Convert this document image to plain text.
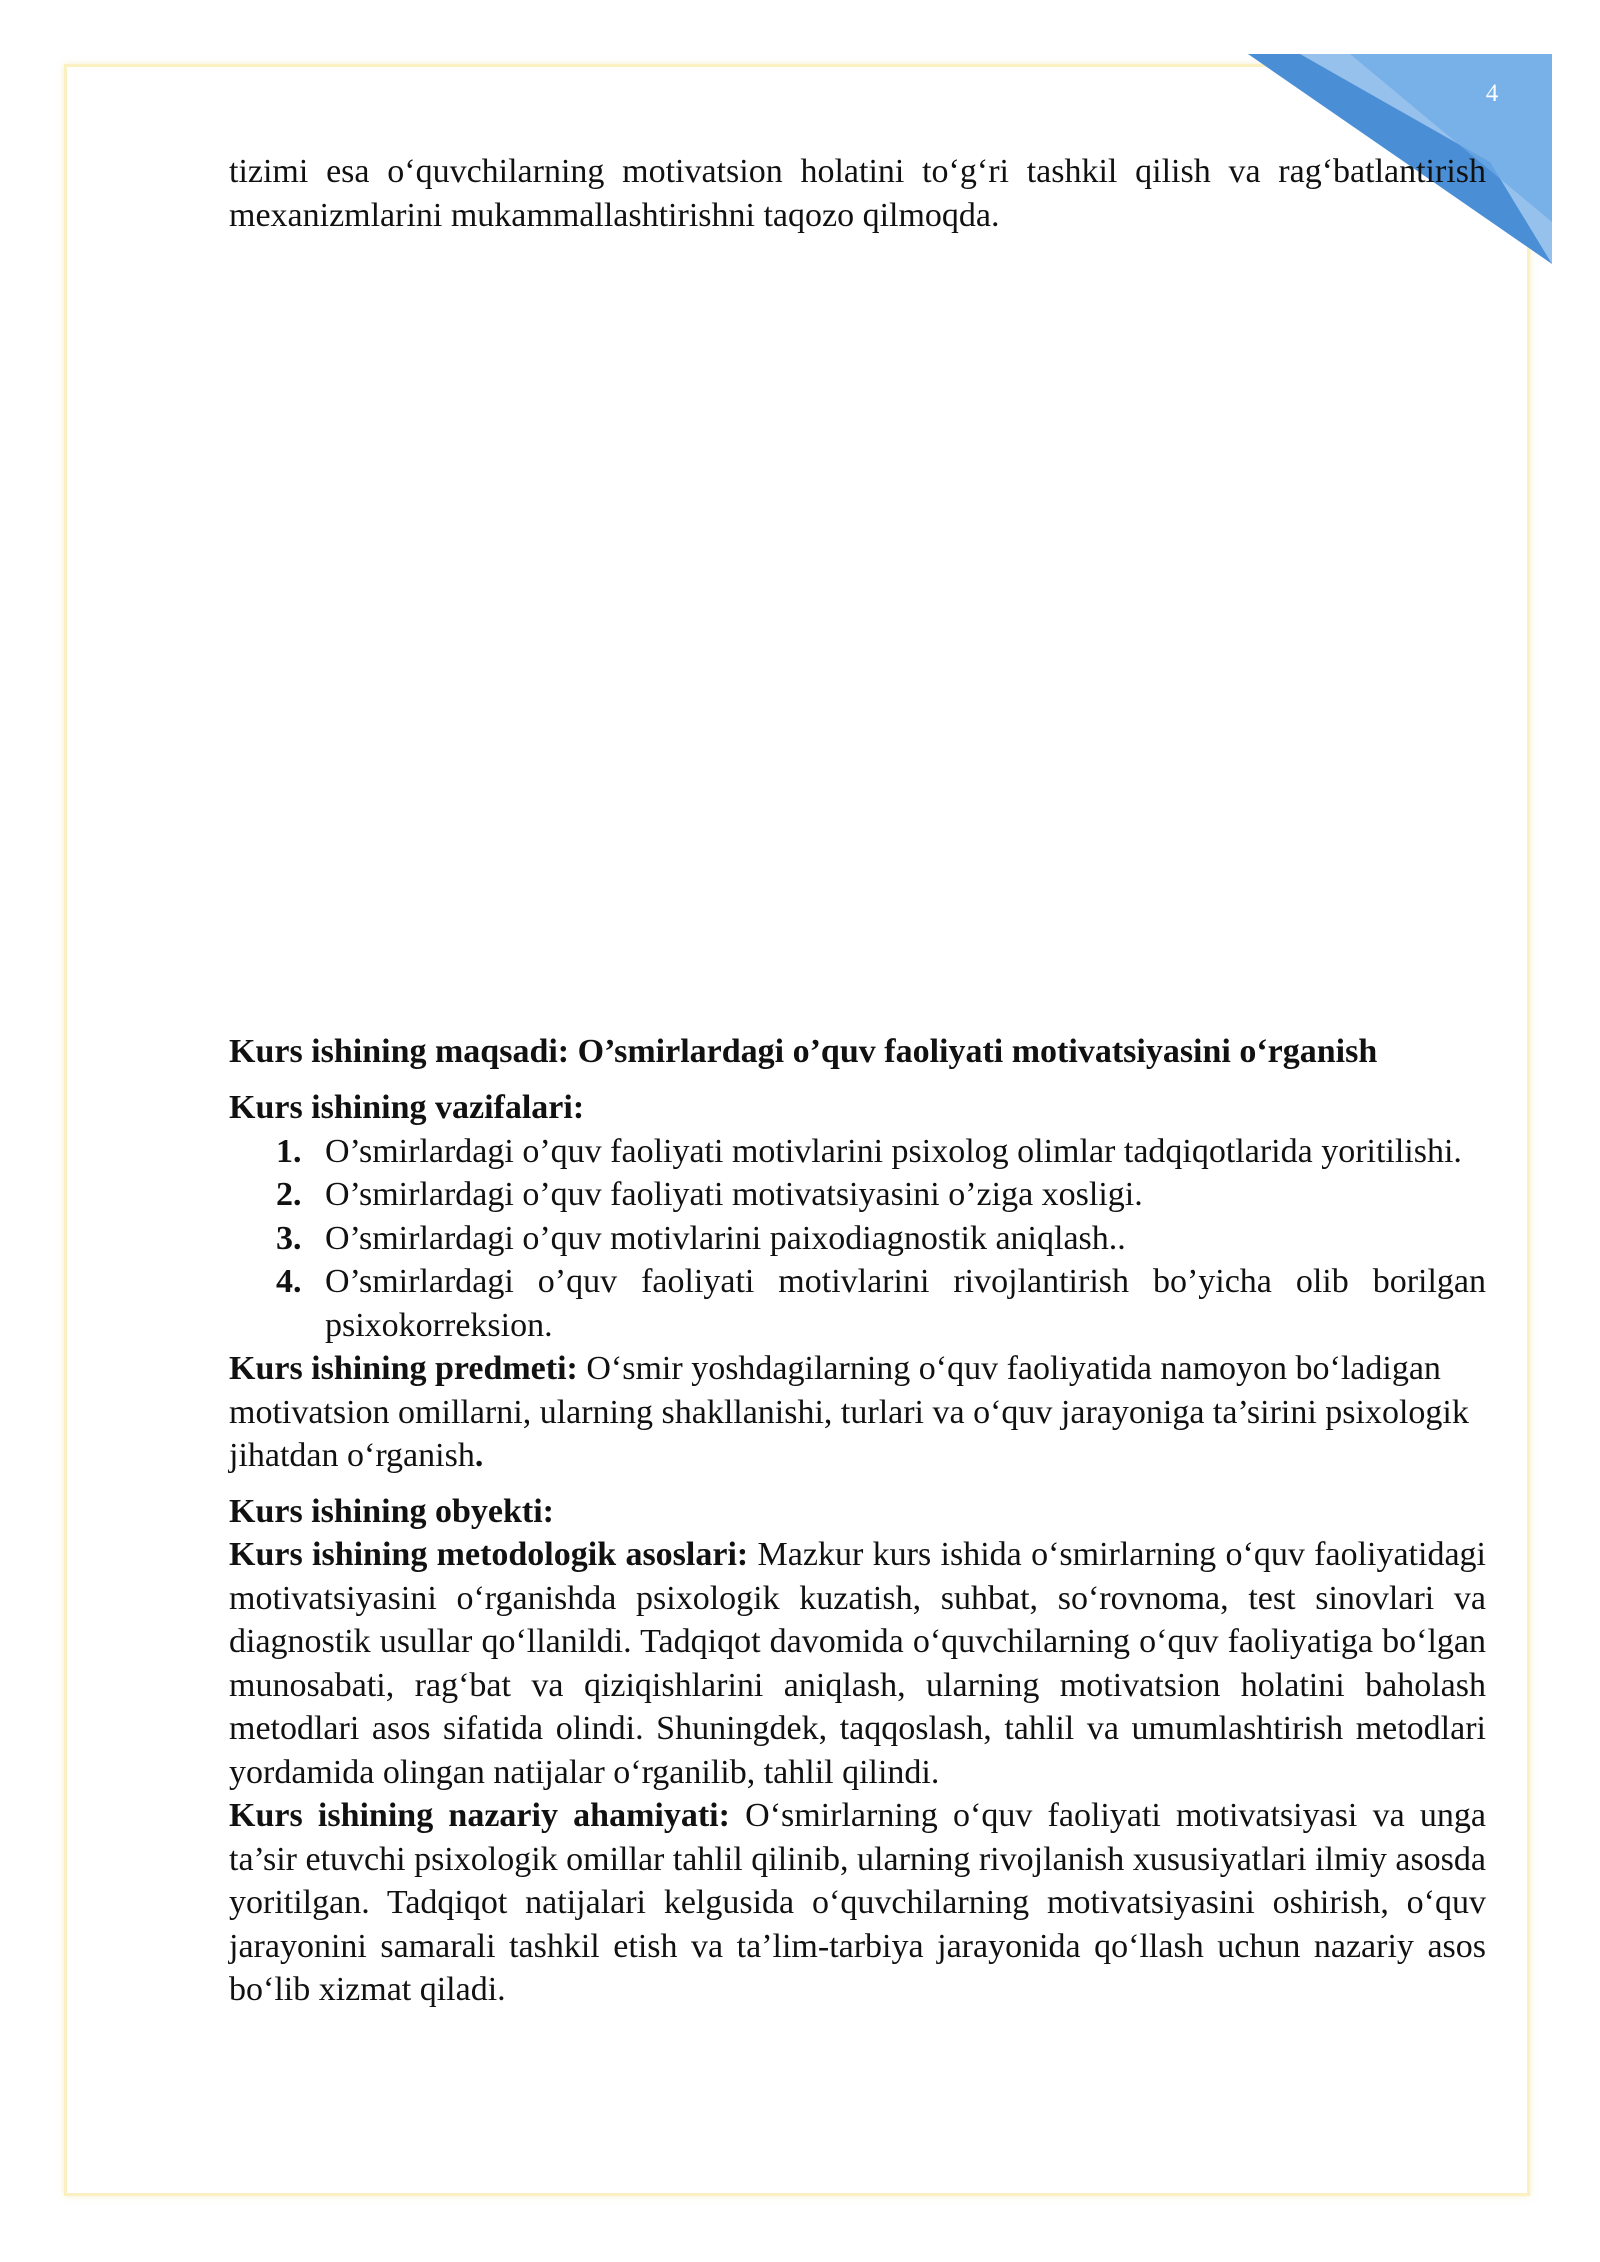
4

tizimi esa o‘quvchilarning motivatsion holatini to‘g‘ri tashkil qilish va rag‘batlantirish mexanizmlarini mukammallashtirishni taqozo qilmoqda.

Kurs ishining maqsadi: O’smirlardagi o’quv faoliyati motivatsiyasini o‘rganish

Kurs ishining vazifalari:

1. O’smirlardagi o’quv faoliyati motivlarini psixolog olimlar tadqiqotlarida yoritilishi.
2. O’smirlardagi o’quv faoliyati motivatsiyasini o’ziga xosligi.
3. O’smirlardagi o’quv motivlarini paixodiagnostik aniqlash..
4. O’smirlardagi o’quv faoliyati motivlarini rivojlantirish bo’yicha olib borilgan psixokorreksion.

Kurs ishining predmeti: O‘smir yoshdagilarning o‘quv faoliyatida namoyon bo‘ladigan motivatsion omillarni, ularning shakllanishi, turlari va o‘quv jarayoniga ta’sirini psixologik jihatdan o‘rganish.

Kurs ishining obyekti:

Kurs ishining metodologik asoslari: Mazkur kurs ishida o‘smirlarning o‘quv faoliyatidagi motivatsiyasini o‘rganishda psixologik kuzatish, suhbat, so‘rovnoma, test sinovlari va diagnostik usullar qo‘llanildi. Tadqiqot davomida o‘quvchilarning o‘quv faoliyatiga bo‘lgan munosabati, rag‘bat va qiziqishlarini aniqlash, ularning motivatsion holatini baholash metodlari asos sifatida olindi. Shuningdek, taqqoslash, tahlil va umumlashtirish metodlari yordamida olingan natijalar o‘rganilib, tahlil qilindi.

Kurs ishining nazariy ahamiyati: O‘smirlarning o‘quv faoliyati motivatsiyasi va unga ta’sir etuvchi psixologik omillar tahlil qilinib, ularning rivojlanish xususiyatlari ilmiy asosda yoritilgan. Tadqiqot natijalari kelgusida o‘quvchilarning motivatsiyasini oshirish, o‘quv jarayonini samarali tashkil etish va ta’lim-tarbiya jarayonida qo‘llash uchun nazariy asos bo‘lib xizmat qiladi.
